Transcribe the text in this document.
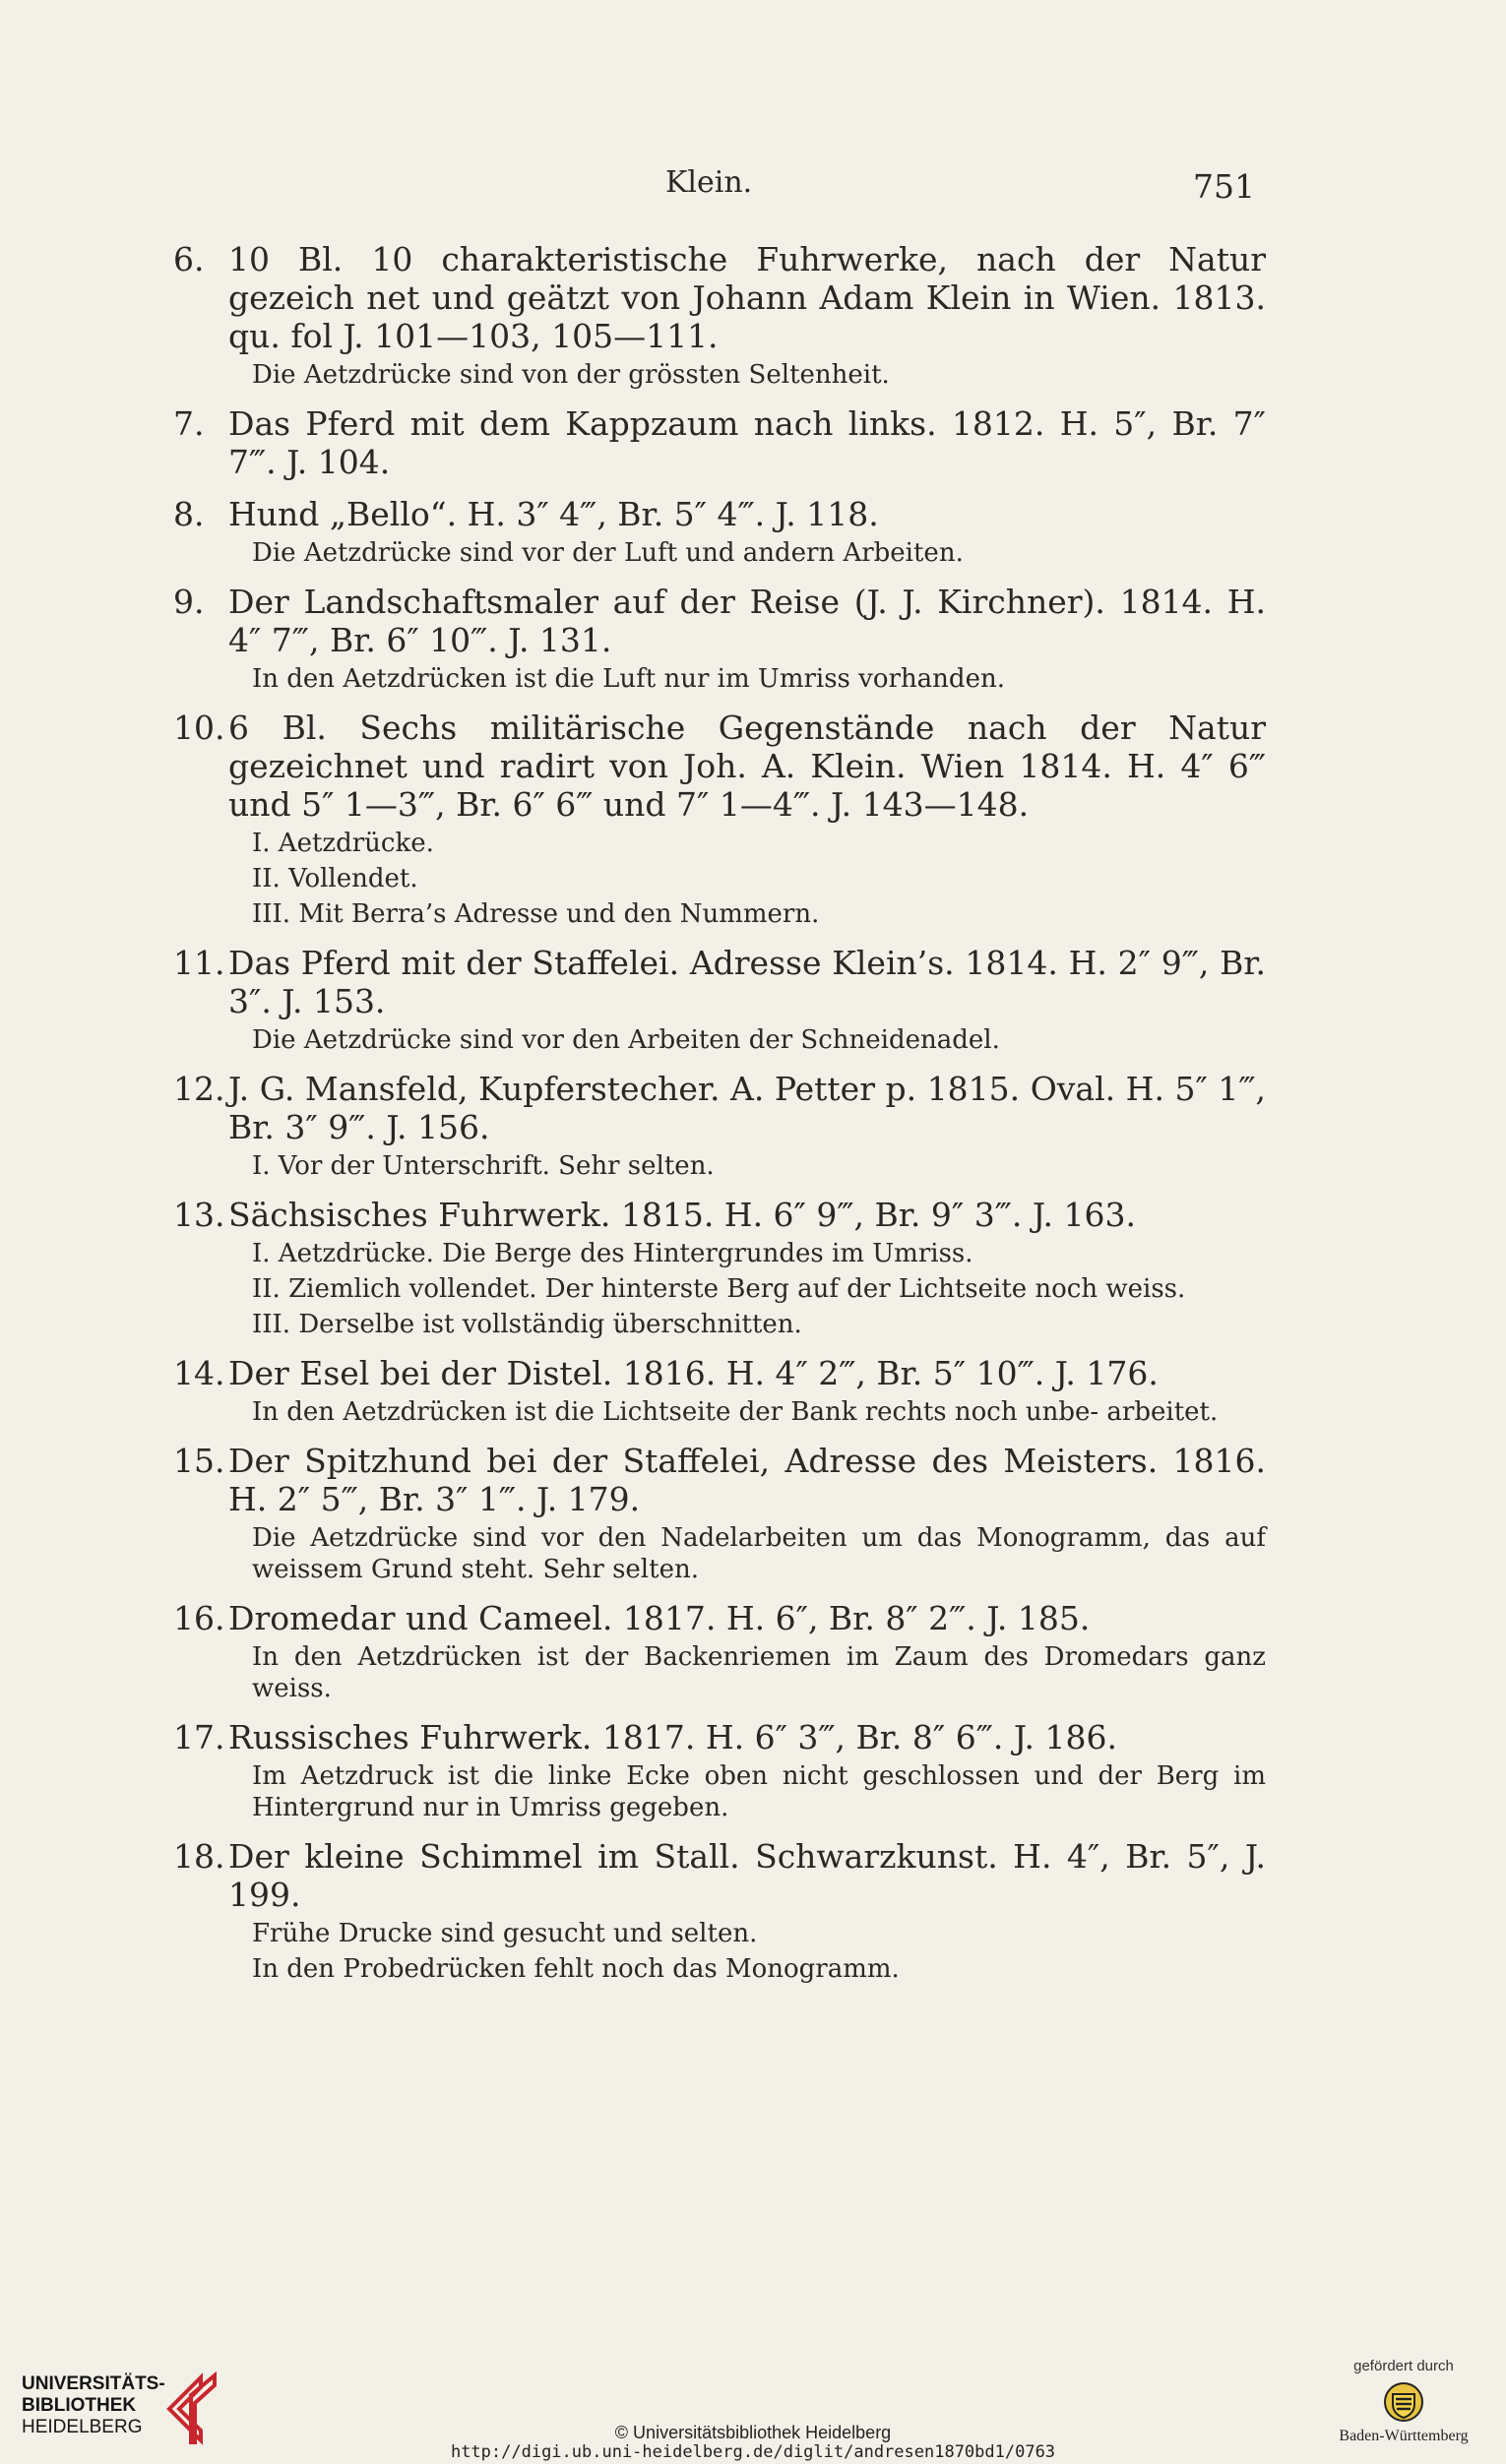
Klein.	751
6. 10 Bl. 10 charakteristische Fuhrwerke, nach der Natur gezeich net und geätzt von Johann Adam Klein in Wien. 1813. qu. fol J. 101—103, 105—111.
Die Aetzdrücke sind von der grössten Seltenheit.
7. Das Pferd mit dem Kappzaum nach links. 1812. H. 5″, Br. 7″ 7‴. J. 104.
8. Hund „Bello“. H. 3″ 4‴, Br. 5″ 4‴. J. 118.
Die Aetzdrücke sind vor der Luft und andern Arbeiten.
9. Der Landschaftsmaler auf der Reise (J. J. Kirchner). 1814. H. 4″ 7‴, Br. 6″ 10‴. J. 131.
In den Aetzdrücken ist die Luft nur im Umriss vorhanden.
10. 6 Bl. Sechs militärische Gegenstände nach der Natur gezeichnet und radirt von Joh. A. Klein. Wien 1814. H. 4″ 6‴ und 5″ 1—3‴, Br. 6″ 6‴ und 7″ 1—4‴. J. 143—148.
I. Aetzdrücke.
II. Vollendet.
III. Mit Berra’s Adresse und den Nummern.
11. Das Pferd mit der Staffelei. Adresse Klein’s. 1814. H. 2″ 9‴, Br. 3″. J. 153.
Die Aetzdrücke sind vor den Arbeiten der Schneidenadel.
12. J. G. Mansfeld, Kupferstecher. A. Petter p. 1815. Oval. H. 5″ 1‴, Br. 3″ 9‴. J. 156.
I. Vor der Unterschrift. Sehr selten.
13. Sächsisches Fuhrwerk. 1815. H. 6″ 9‴, Br. 9″ 3‴. J. 163.
I. Aetzdrücke. Die Berge des Hintergrundes im Umriss.
II. Ziemlich vollendet. Der hinterste Berg auf der Lichtseite noch weiss.
III. Derselbe ist vollständig überschnitten.
14. Der Esel bei der Distel. 1816. H. 4″ 2‴, Br. 5″ 10‴. J. 176.
In den Aetzdrücken ist die Lichtseite der Bank rechts noch unbe- arbeitet.
15. Der Spitzhund bei der Staffelei, Adresse des Meisters. 1816. H. 2″ 5‴, Br. 3″ 1‴. J. 179.
Die Aetzdrücke sind vor den Nadelarbeiten um das Monogramm, das auf weissem Grund steht. Sehr selten.
16. Dromedar und Cameel. 1817. H. 6″, Br. 8″ 2‴. J. 185.
In den Aetzdrücken ist der Backenriemen im Zaum des Dromedars ganz weiss.
17. Russisches Fuhrwerk. 1817. H. 6″ 3‴, Br. 8″ 6‴. J. 186.
Im Aetzdruck ist die linke Ecke oben nicht geschlossen und der Berg im Hintergrund nur in Umriss gegeben.
18. Der kleine Schimmel im Stall. Schwarzkunst. H. 4″, Br. 5″, J. 199.
Frühe Drucke sind gesucht und selten.
In den Probedrücken fehlt noch das Monogramm.
UNIVERSITÄTS-
BIBLIOTHEK
HEIDELBERG	© Universitätsbibliothek Heidelberg
http://digi.ub.uni-heidelberg.de/diglit/andresen1870bd1/0763
gefördert durch
Baden-Württemberg
